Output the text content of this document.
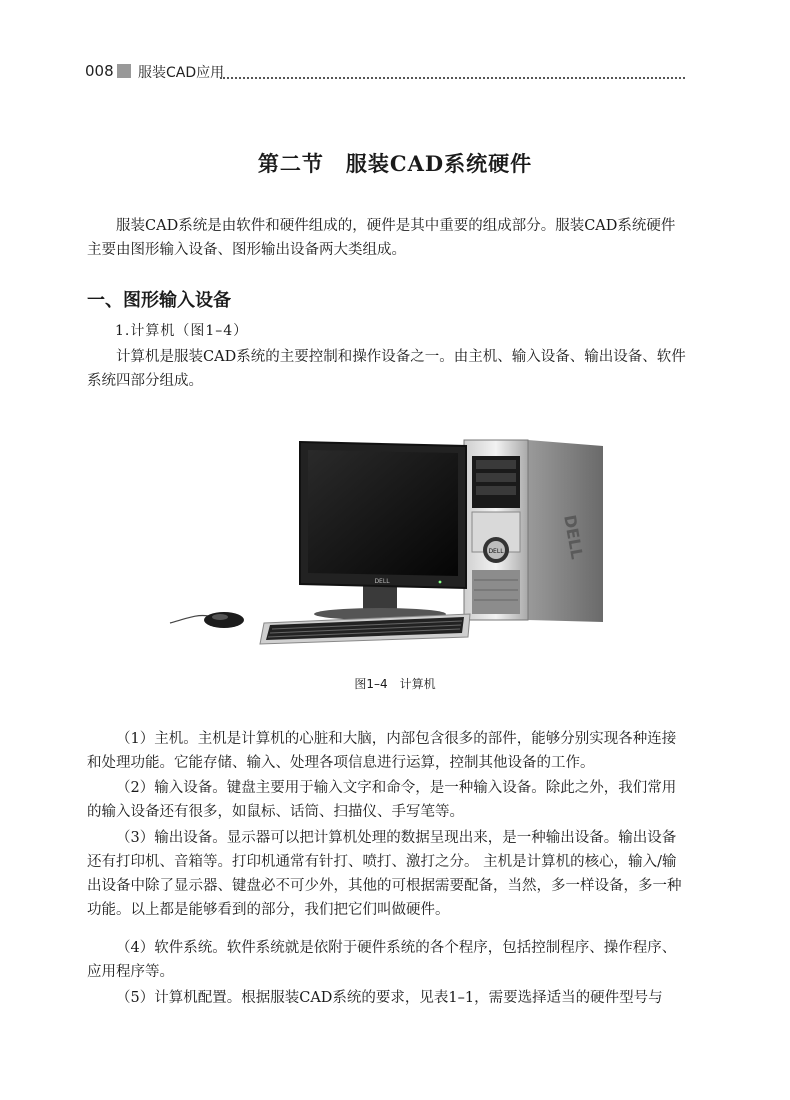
008 服装CAD应用
第二节 服装CAD系统硬件

服装CAD系统是由软件和硬件组成的，硬件是其中重要的组成部分。服装CAD系统硬件主要由图形输入设备、图形输出设备两大类组成。

一、图形输入设备

1.计算机（图1–4）

计算机是服装CAD系统的主要控制和操作设备之一。由主机、输入设备、输出设备、软件系统四部分组成。

DELL	DELL
DELL
图1–4 计算机

（1）主机。主机是计算机的心脏和大脑，内部包含很多的部件，能够分别实现各种连接和处理功能。它能存储、输入、处理各项信息进行运算，控制其他设备的工作。

（2）输入设备。键盘主要用于输入文字和命令，是一种输入设备。除此之外，我们常用的输入设备还有很多，如鼠标、话筒、扫描仪、手写笔等。

（3）输出设备。显示器可以把计算机处理的数据呈现出来，是一种输出设备。输出设备还有打印机、音箱等。打印机通常有针打、喷打、激打之分。 主机是计算机的核心，输入/输出设备中除了显示器、键盘必不可少外，其他的可根据需要配备，当然，多一样设备，多一种功能。以上都是能够看到的部分，我们把它们叫做硬件。

（4）软件系统。软件系统就是依附于硬件系统的各个程序，包括控制程序、操作程序、应用程序等。

（5）计算机配置。根据服装CAD系统的要求，见表1–1，需要选择适当的硬件型号与
